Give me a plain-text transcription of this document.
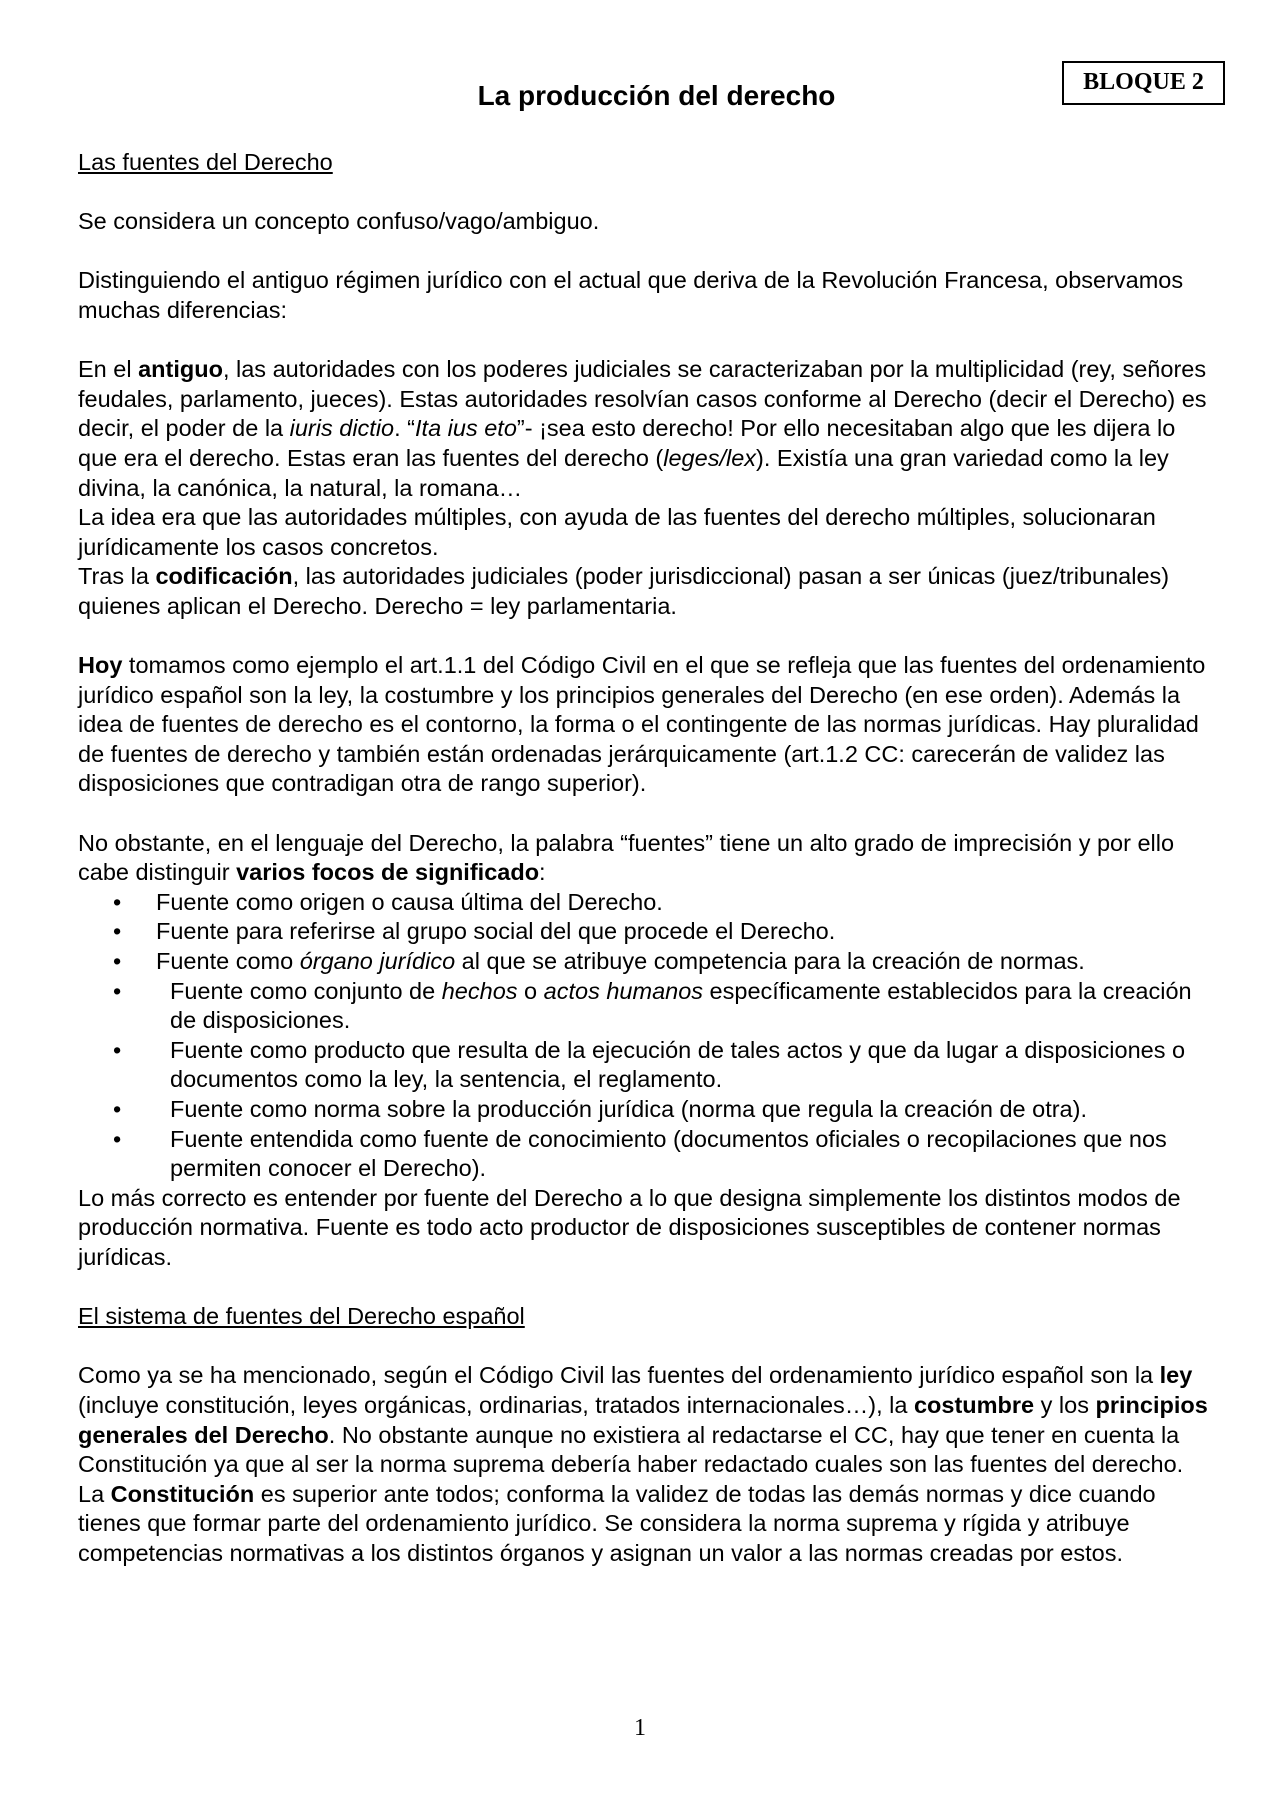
BLOQUE 2
La producción del derecho

Las fuentes del Derecho

Se considera un concepto confuso/vago/ambiguo.

Distinguiendo el antiguo régimen jurídico con el actual que deriva de la Revolución Francesa, observamos muchas diferencias:

En el antiguo, las autoridades con los poderes judiciales se caracterizaban por la multiplicidad (rey, señores feudales, parlamento, jueces). Estas autoridades resolvían casos conforme al Derecho (decir el Derecho) es decir, el poder de la iuris dictio. “Ita ius eto”- ¡sea esto derecho! Por ello necesitaban algo que les dijera lo que era el derecho. Estas eran las fuentes del derecho (leges/lex). Existía una gran variedad como la ley divina, la canónica, la natural, la romana…

La idea era que las autoridades múltiples, con ayuda de las fuentes del derecho múltiples, solucionaran jurídicamente los casos concretos.

Tras la codificación, las autoridades judiciales (poder jurisdiccional) pasan a ser únicas (juez/tribunales) quienes aplican el Derecho. Derecho = ley parlamentaria.

Hoy tomamos como ejemplo el art.1.1 del Código Civil en el que se refleja que las fuentes del ordenamiento jurídico español son la ley, la costumbre y los principios generales del Derecho (en ese orden). Además la idea de fuentes de derecho es el contorno, la forma o el contingente de las normas jurídicas. Hay pluralidad de fuentes de derecho y también están ordenadas jerárquicamente (art.1.2 CC: carecerán de validez las disposiciones que contradigan otra de rango superior).

No obstante, en el lenguaje del Derecho, la palabra “fuentes” tiene un alto grado de imprecisión y por ello cabe distinguir varios focos de significado:

• Fuente como origen o causa última del Derecho.
• Fuente para referirse al grupo social del que procede el Derecho.
• Fuente como órgano jurídico al que se atribuye competencia para la creación de normas.
• Fuente como conjunto de hechos o actos humanos específicamente establecidos para la creación de disposiciones.
• Fuente como producto que resulta de la ejecución de tales actos y que da lugar a disposiciones o documentos como la ley, la sentencia, el reglamento.
• Fuente como norma sobre la producción jurídica (norma que regula la creación de otra).
• Fuente entendida como fuente de conocimiento (documentos oficiales o recopilaciones que nos permiten conocer el Derecho).

Lo más correcto es entender por fuente del Derecho a lo que designa simplemente los distintos modos de producción normativa. Fuente es todo acto productor de disposiciones susceptibles de contener normas jurídicas.

El sistema de fuentes del Derecho español

Como ya se ha mencionado, según el Código Civil las fuentes del ordenamiento jurídico español son la ley (incluye constitución, leyes orgánicas, ordinarias, tratados internacionales…), la costumbre y los principios generales del Derecho. No obstante aunque no existiera al redactarse el CC, hay que tener en cuenta la Constitución ya que al ser la norma suprema debería haber redactado cuales son las fuentes del derecho.

La Constitución es superior ante todos; conforma la validez de todas las demás normas y dice cuando tienes que formar parte del ordenamiento jurídico. Se considera la norma suprema y rígida y atribuye competencias normativas a los distintos órganos y asignan un valor a las normas creadas por estos.

1
